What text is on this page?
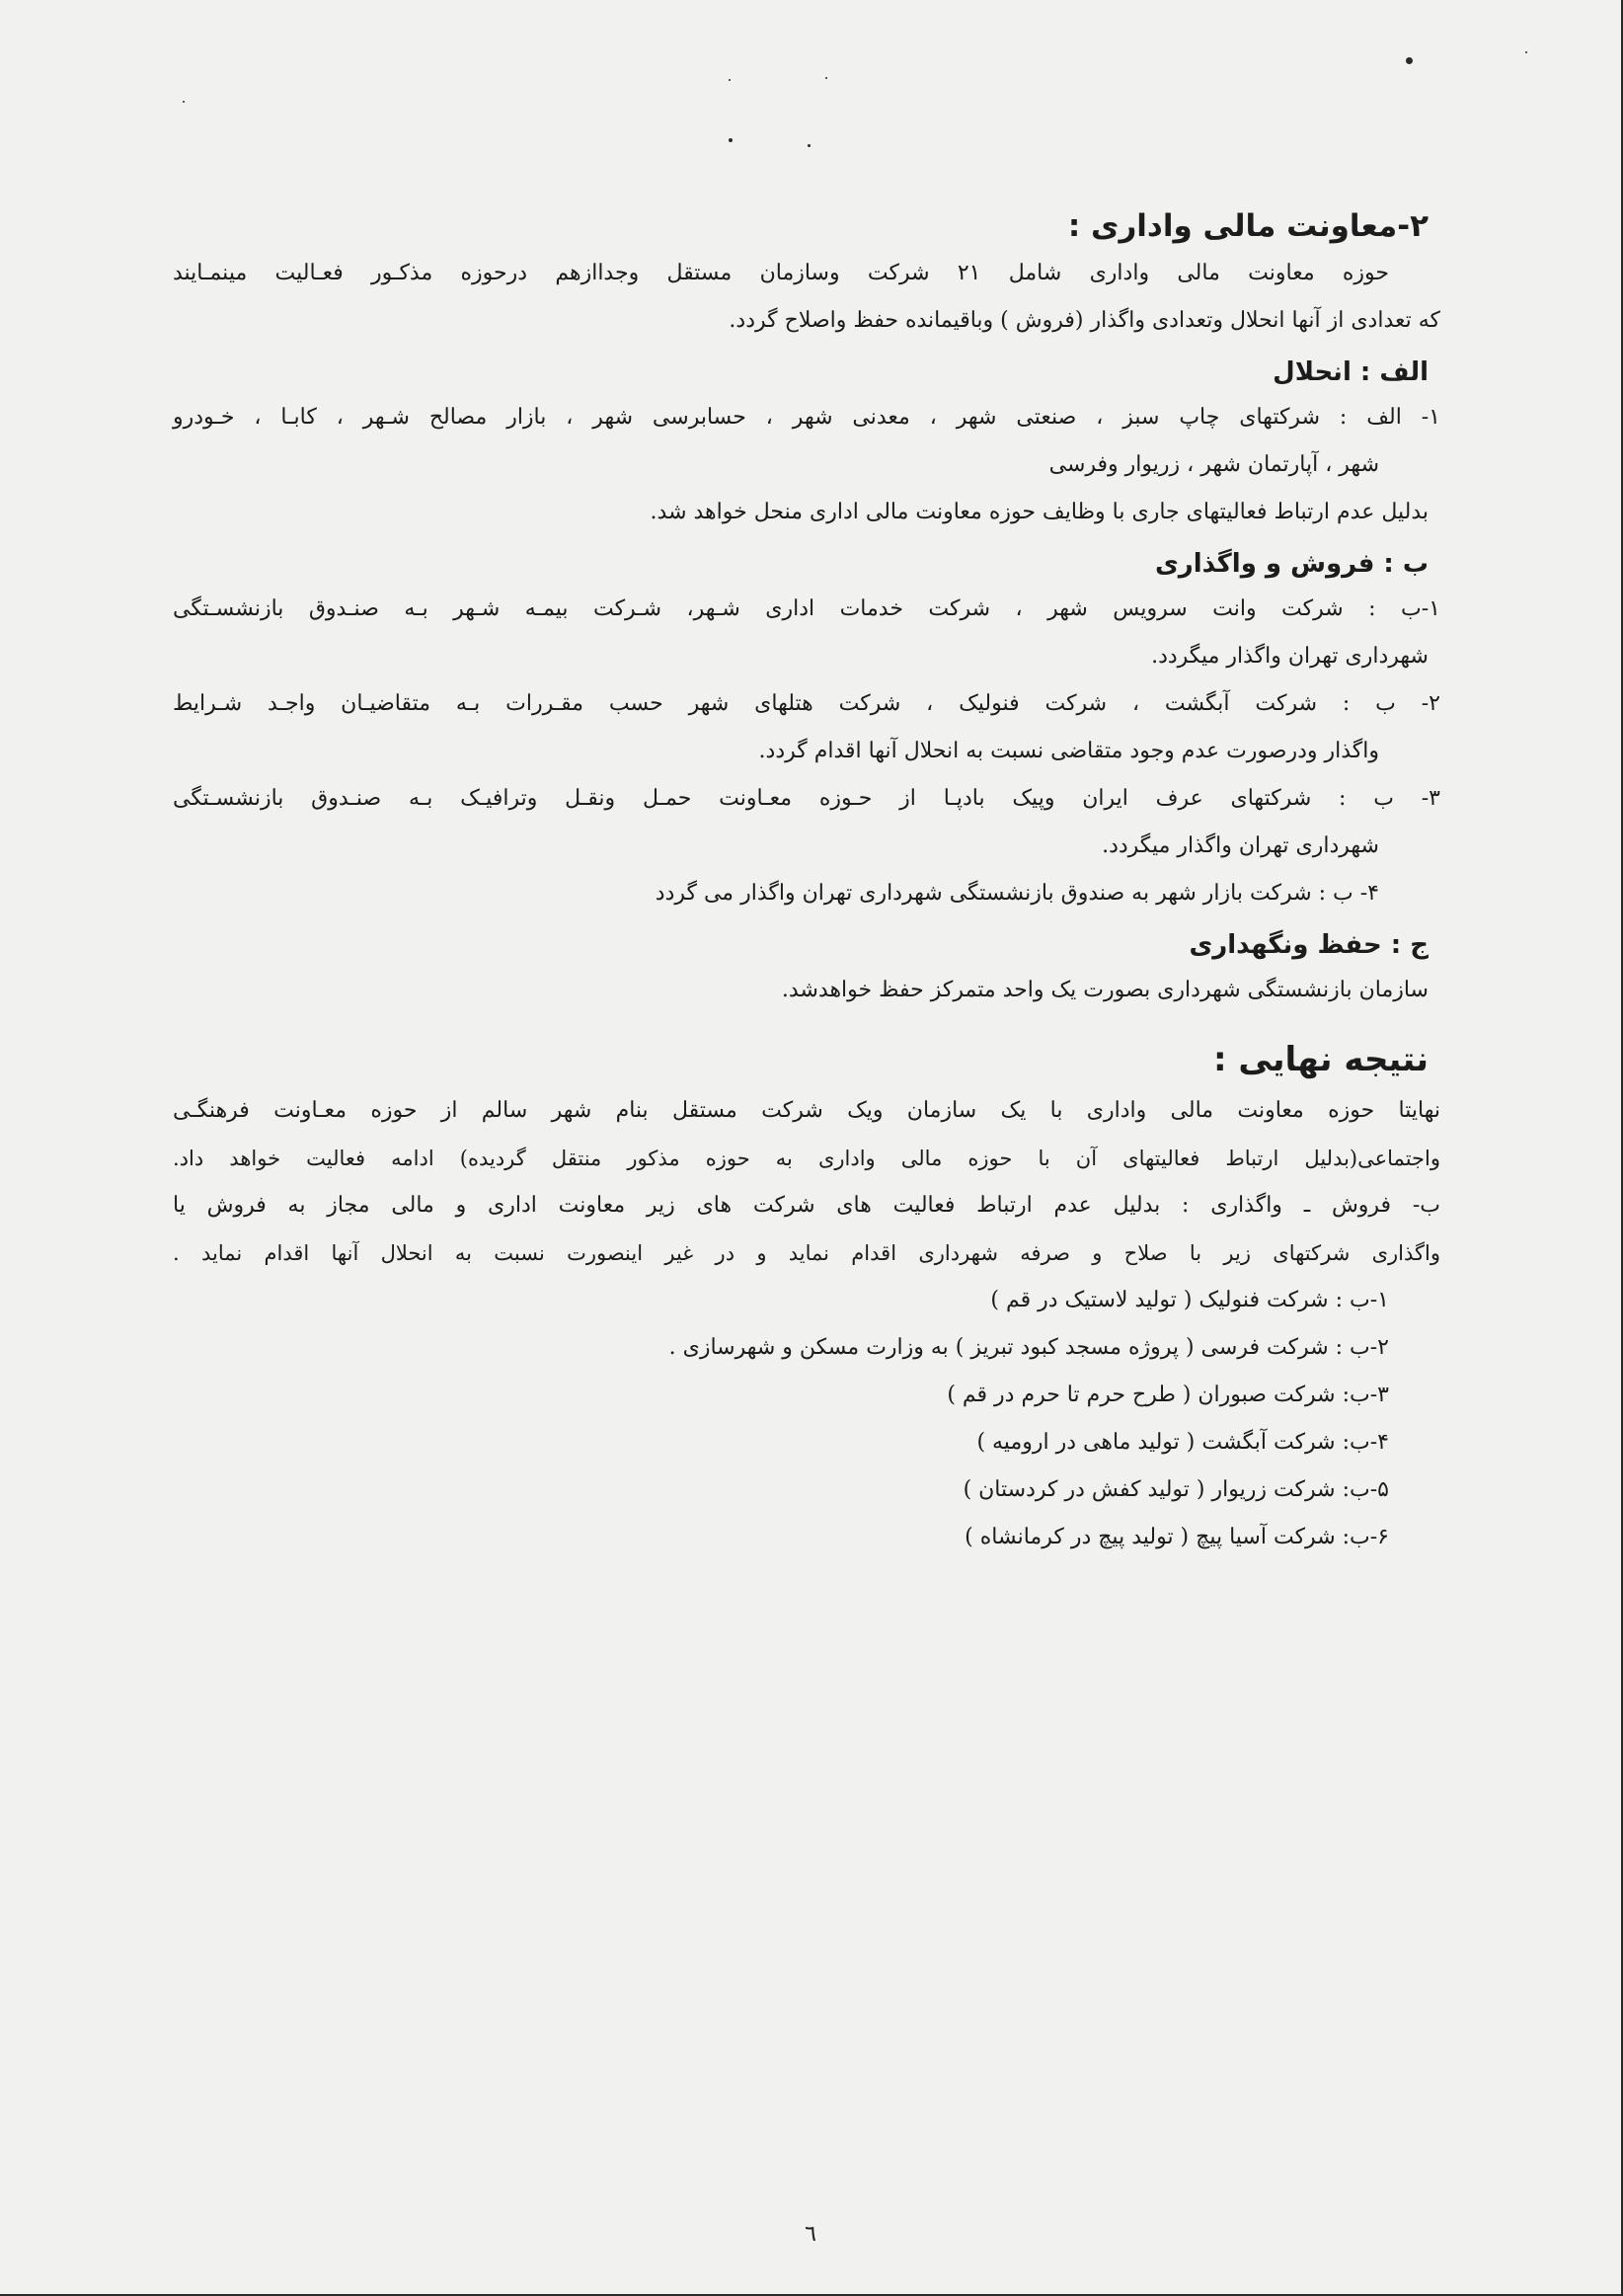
۲-معاونت مالی واداری :

حوزه معاونت مالی واداری شامل ۲۱ شرکت وسازمان مستقل وجداازهم درحوزه مذکـور فعـالیت مینمـایند

که تعدادی از آنها انحلال وتعدادی واگذار (فروش ) وباقیمانده حفظ واصلاح گردد.

الف : انحلال

۱- الف : شرکتهای چاپ سبز ، صنعتی شهر ، معدنی شهر ، حسابرسی شهر ، بازار مصالح شـهر ، کابـا ، خـودرو

شهر ، آپارتمان شهر ، زریوار وفرسی

بدلیل عدم ارتباط فعالیتهای جاری با وظایف حوزه معاونت مالی اداری منحل خواهد شد.

ب : فروش و واگذاری

۱-ب : شرکت وانت سرویس شهر ، شرکت خدمات اداری شـهر، شـرکت بیمـه شـهر بـه صنـدوق بازنشسـتگی

شهرداری تهران واگذار میگردد.

۲- ب : شرکت آبگشت ، شرکت فنولیک ، شرکت هتلهای شهر حسب مقـررات بـه متقاضیـان واجـد شـرایط

واگذار ودرصورت عدم وجود متقاضی نسبت به انحلال آنها اقدام گردد.

۳- ب : شرکتهای عرف ایران وپیک بادپـا از حـوزه معـاونت حمـل ونقـل وترافیـک بـه صنـدوق بازنشسـتگی

شهرداری تهران واگذار میگردد.

۴- ب : شرکت بازار شهر به صندوق بازنشستگی شهرداری تهران واگذار می گردد

ج : حفظ ونگهداری

سازمان بازنشستگی شهرداری بصورت یک واحد متمرکز حفظ خواهدشد.

نتیجه نهایی :

نهایتا حوزه معاونت مالی واداری با یک سازمان ویک شرکت مستقل بنام شهر سالم از حوزه معـاونت فرهنگـی

واجتماعی(بدلیل ارتباط فعالیتهای آن با حوزه مالی واداری به حوزه مذکور منتقل گردیده) ادامه فعالیت خواهد داد.

ب- فروش ـ واگذاری : بدلیل عدم ارتباط فعالیت های شرکت های زیر معاونت اداری و مالی مجاز به فروش یا

واگذاری شرکتهای زیر با صلاح و صرفه شهرداری اقدام نماید و در غیر اینصورت نسبت به انحلال آنها اقدام نماید .

۱-ب : شرکت فنولیک ( تولید لاستیک در قم )

۲-ب : شرکت فرسی ( پروژه مسجد کبود تبریز ) به وزارت مسکن و شهرسازی .

۳-ب: شرکت صبوران ( طرح حرم تا حرم در قم )

۴-ب: شرکت آبگشت ( تولید ماهی در ارومیه )

۵-ب: شرکت زریوار ( تولید کفش در کردستان )

۶-ب: شرکت آسیا پیچ ( تولید پیچ در کرمانشاه )

٦
